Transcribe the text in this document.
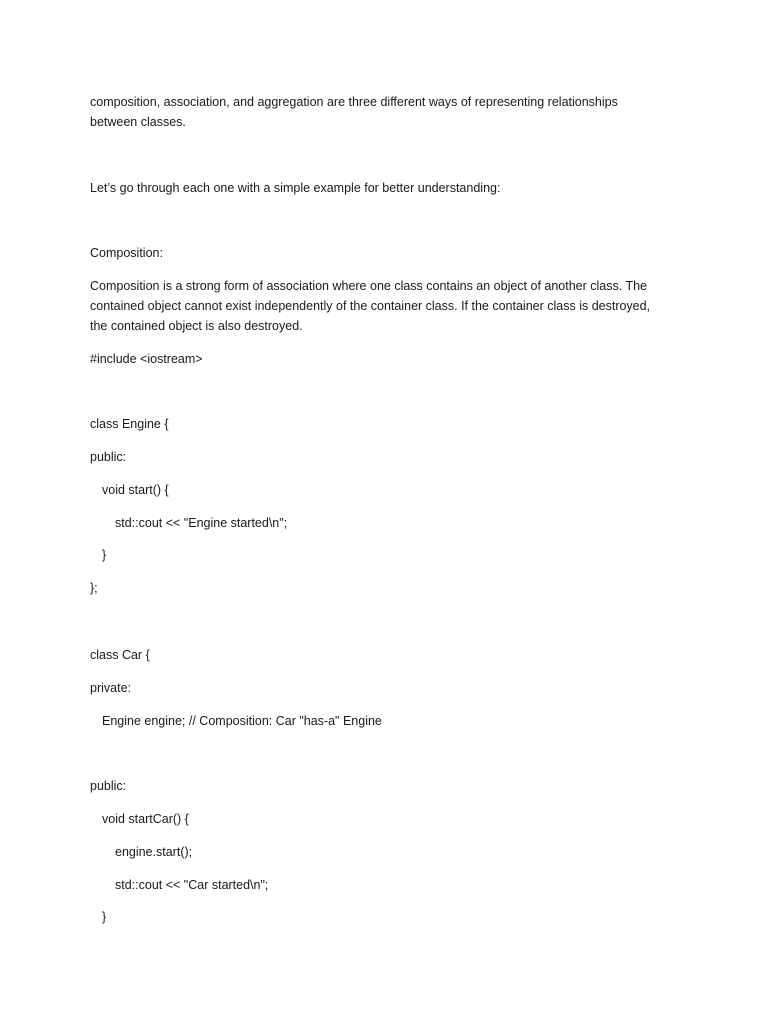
composition, association, and aggregation are three different ways of representing relationships

between classes.

Let’s go through each one with a simple example for better understanding:

Composition:

Composition is a strong form of association where one class contains an object of another class. The

contained object cannot exist independently of the container class. If the container class is destroyed,

the contained object is also destroyed.

#include <iostream>

class Engine {

public:

void start() {

std::cout << "Engine started\n";

}

};

class Car {

private:

Engine engine; // Composition: Car "has-a" Engine

public:

void startCar() {

engine.start();

std::cout << "Car started\n";

}
